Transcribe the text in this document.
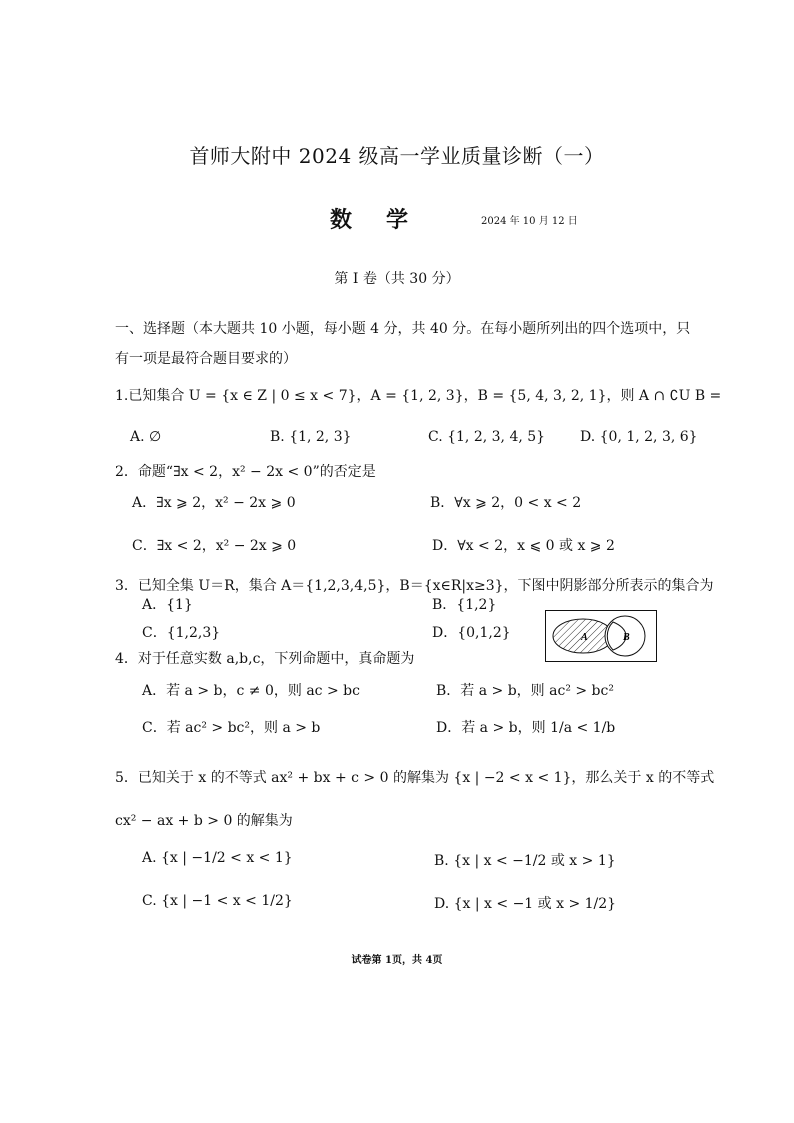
首师大附中 2024 级高一学业质量诊断（一）
数学	2024 年 10 月 12 日
第 I 卷（共 30 分）
一、选择题（本大题共 10 小题，每小题 4 分，共 40 分。在每小题所列出的四个选项中，只
有一项是最符合题目要求的）
1.已知集合 U = {x ∈ Z | 0 ≤ x < 7}，A = {1, 2, 3}，B = {5, 4, 3, 2, 1}，则 A ∩ ∁U B =
A. ∅	B. {1, 2, 3}	C. {1, 2, 3, 4, 5} D. {0, 1, 2, 3, 6}
2．命题“∃x < 2，x² − 2x < 0”的否定是
A．∃x ⩾ 2，x² − 2x ⩾ 0	B．∀x ⩾ 2，0 < x < 2
C．∃x < 2，x² − 2x ⩾ 0	D．∀x < 2，x ⩽ 0 或 x ⩾ 2
3．已知全集 U＝R，集合 A＝{1,2,3,4,5}，B＝{x∈R|x≥3}，下图中阴影部分所表示的集合为
A．{1}	B．{1,2}
C．{1,2,3}	D．{0,1,2}	A	B
4．对于任意实数 a,b,c，下列命题中，真命题为
A．若 a > b，c ≠ 0，则 ac > bc	B．若 a > b，则 ac² > bc²
C．若 ac² > bc²，则 a > b	D．若 a > b，则 1/a < 1/b
5．已知关于 x 的不等式 ax² + bx + c > 0 的解集为 {x | −2 < x < 1}，那么关于 x 的不等式
cx² − ax + b > 0 的解集为
A. {x | −1/2 < x < 1}	B. {x | x < −1/2 或 x > 1}
C. {x | −1 < x < 1/2}	D. {x | x < −1 或 x > 1/2}
试卷第 1页，共 4页
